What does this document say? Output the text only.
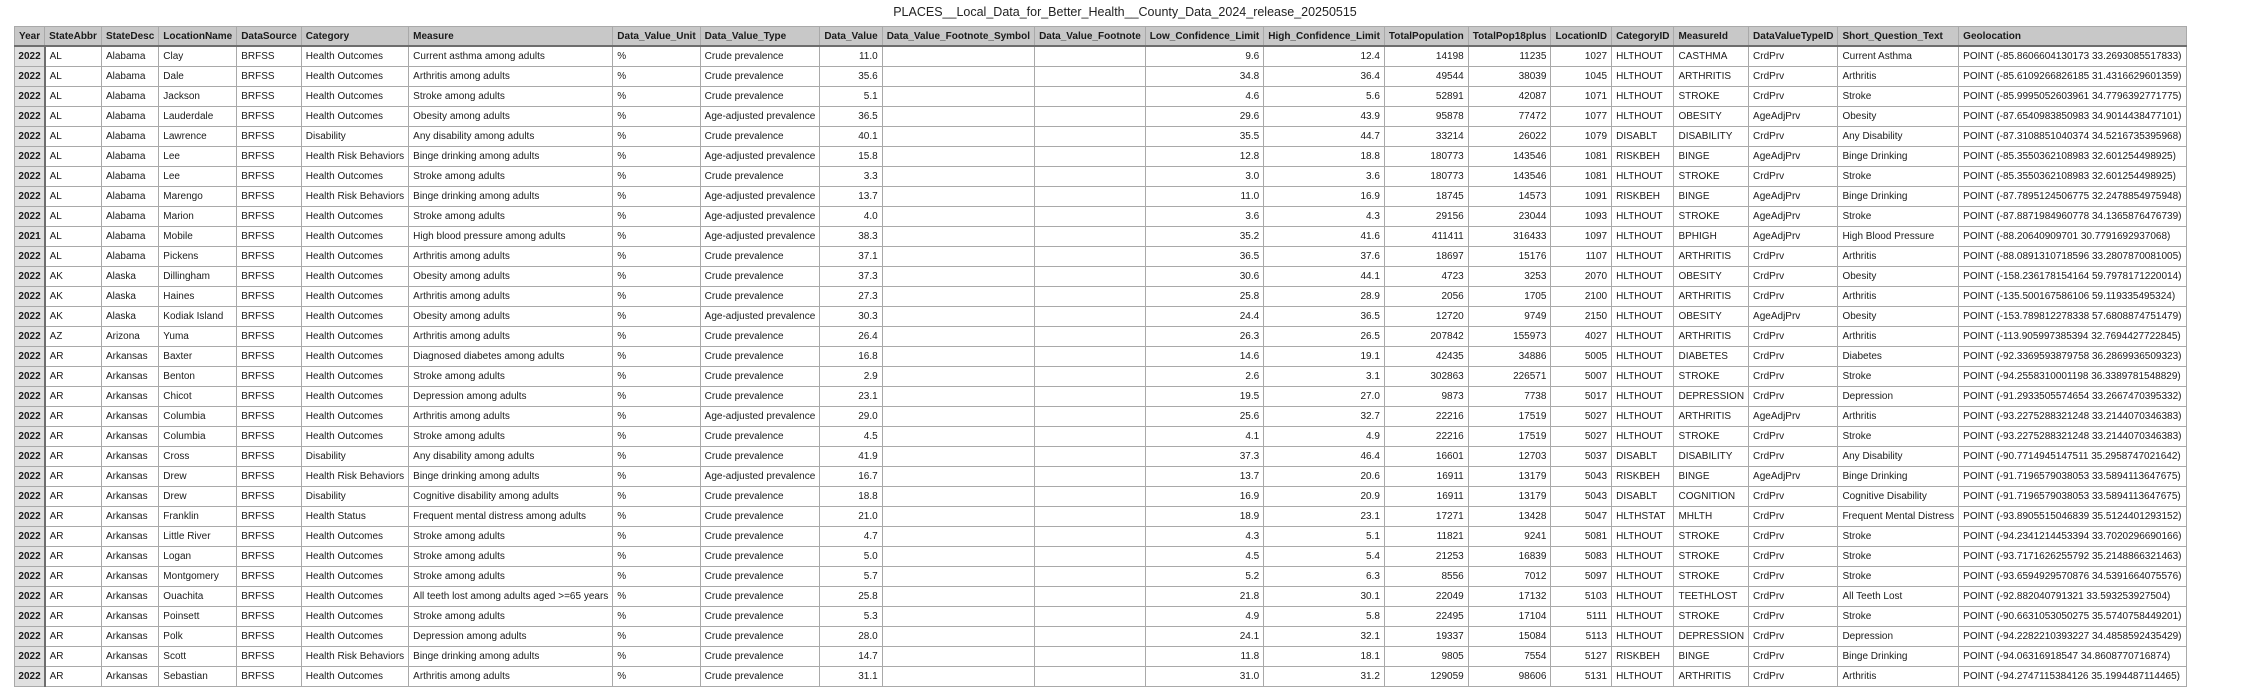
PLACES__Local_Data_for_Better_Health__County_Data_2024_release_20250515
Year	StateAbbr	StateDesc	LocationName	DataSource	Category	Measure	Data_Value_Unit	Data_Value_Type	Data_Value	Data_Value_Footnote_Symbol	Data_Value_Footnote	Low_Confidence_Limit	High_Confidence_Limit	TotalPopulation	TotalPop18plus	LocationID	CategoryID	MeasureId	DataValueTypeID	Short_Question_Text	Geolocation
2022	AL	Alabama	Clay	BRFSS	Health Outcomes	Current asthma among adults	%	Crude prevalence	11.0			9.6	12.4	14198	11235	1027	HLTHOUT	CASTHMA	CrdPrv	Current Asthma	POINT (-85.8606604130173 33.2693085517833)
2022	AL	Alabama	Dale	BRFSS	Health Outcomes	Arthritis among adults	%	Crude prevalence	35.6			34.8	36.4	49544	38039	1045	HLTHOUT	ARTHRITIS	CrdPrv	Arthritis	POINT (-85.6109266826185 31.4316629601359)
2022	AL	Alabama	Jackson	BRFSS	Health Outcomes	Stroke among adults	%	Crude prevalence	5.1			4.6	5.6	52891	42087	1071	HLTHOUT	STROKE	CrdPrv	Stroke	POINT (-85.9995052603961 34.7796392771775)
2022	AL	Alabama	Lauderdale	BRFSS	Health Outcomes	Obesity among adults	%	Age-adjusted prevalence	36.5			29.6	43.9	95878	77472	1077	HLTHOUT	OBESITY	AgeAdjPrv	Obesity	POINT (-87.6540983850983 34.9014438477101)
2022	AL	Alabama	Lawrence	BRFSS	Disability	Any disability among adults	%	Crude prevalence	40.1			35.5	44.7	33214	26022	1079	DISABLT	DISABILITY	CrdPrv	Any Disability	POINT (-87.3108851040374 34.5216735395968)
2022	AL	Alabama	Lee	BRFSS	Health Risk Behaviors	Binge drinking among adults	%	Age-adjusted prevalence	15.8			12.8	18.8	180773	143546	1081	RISKBEH	BINGE	AgeAdjPrv	Binge Drinking	POINT (-85.3550362108983 32.601254498925)
2022	AL	Alabama	Lee	BRFSS	Health Outcomes	Stroke among adults	%	Crude prevalence	3.3			3.0	3.6	180773	143546	1081	HLTHOUT	STROKE	CrdPrv	Stroke	POINT (-85.3550362108983 32.601254498925)
2022	AL	Alabama	Marengo	BRFSS	Health Risk Behaviors	Binge drinking among adults	%	Age-adjusted prevalence	13.7			11.0	16.9	18745	14573	1091	RISKBEH	BINGE	AgeAdjPrv	Binge Drinking	POINT (-87.7895124506775 32.2478854975948)
2022	AL	Alabama	Marion	BRFSS	Health Outcomes	Stroke among adults	%	Age-adjusted prevalence	4.0			3.6	4.3	29156	23044	1093	HLTHOUT	STROKE	AgeAdjPrv	Stroke	POINT (-87.8871984960778 34.1365876476739)
2021	AL	Alabama	Mobile	BRFSS	Health Outcomes	High blood pressure among adults	%	Age-adjusted prevalence	38.3			35.2	41.6	411411	316433	1097	HLTHOUT	BPHIGH	AgeAdjPrv	High Blood Pressure	POINT (-88.20640909701 30.7791692937068)
2022	AL	Alabama	Pickens	BRFSS	Health Outcomes	Arthritis among adults	%	Crude prevalence	37.1			36.5	37.6	18697	15176	1107	HLTHOUT	ARTHRITIS	CrdPrv	Arthritis	POINT (-88.0891310718596 33.2807870081005)
2022	AK	Alaska	Dillingham	BRFSS	Health Outcomes	Obesity among adults	%	Crude prevalence	37.3			30.6	44.1	4723	3253	2070	HLTHOUT	OBESITY	CrdPrv	Obesity	POINT (-158.236178154164 59.7978171220014)
2022	AK	Alaska	Haines	BRFSS	Health Outcomes	Arthritis among adults	%	Crude prevalence	27.3			25.8	28.9	2056	1705	2100	HLTHOUT	ARTHRITIS	CrdPrv	Arthritis	POINT (-135.500167586106 59.119335495324)
2022	AK	Alaska	Kodiak Island	BRFSS	Health Outcomes	Obesity among adults	%	Age-adjusted prevalence	30.3			24.4	36.5	12720	9749	2150	HLTHOUT	OBESITY	AgeAdjPrv	Obesity	POINT (-153.789812278338 57.6808874751479)
2022	AZ	Arizona	Yuma	BRFSS	Health Outcomes	Arthritis among adults	%	Crude prevalence	26.4			26.3	26.5	207842	155973	4027	HLTHOUT	ARTHRITIS	CrdPrv	Arthritis	POINT (-113.905997385394 32.7694427722845)
2022	AR	Arkansas	Baxter	BRFSS	Health Outcomes	Diagnosed diabetes among adults	%	Crude prevalence	16.8			14.6	19.1	42435	34886	5005	HLTHOUT	DIABETES	CrdPrv	Diabetes	POINT (-92.3369593879758 36.2869936509323)
2022	AR	Arkansas	Benton	BRFSS	Health Outcomes	Stroke among adults	%	Crude prevalence	2.9			2.6	3.1	302863	226571	5007	HLTHOUT	STROKE	CrdPrv	Stroke	POINT (-94.2558310001198 36.3389781548829)
2022	AR	Arkansas	Chicot	BRFSS	Health Outcomes	Depression among adults	%	Crude prevalence	23.1			19.5	27.0	9873	7738	5017	HLTHOUT	DEPRESSION	CrdPrv	Depression	POINT (-91.2933505574654 33.2667470395332)
2022	AR	Arkansas	Columbia	BRFSS	Health Outcomes	Arthritis among adults	%	Age-adjusted prevalence	29.0			25.6	32.7	22216	17519	5027	HLTHOUT	ARTHRITIS	AgeAdjPrv	Arthritis	POINT (-93.2275288321248 33.2144070346383)
2022	AR	Arkansas	Columbia	BRFSS	Health Outcomes	Stroke among adults	%	Crude prevalence	4.5			4.1	4.9	22216	17519	5027	HLTHOUT	STROKE	CrdPrv	Stroke	POINT (-93.2275288321248 33.2144070346383)
2022	AR	Arkansas	Cross	BRFSS	Disability	Any disability among adults	%	Crude prevalence	41.9			37.3	46.4	16601	12703	5037	DISABLT	DISABILITY	CrdPrv	Any Disability	POINT (-90.7714945147511 35.2958747021642)
2022	AR	Arkansas	Drew	BRFSS	Health Risk Behaviors	Binge drinking among adults	%	Age-adjusted prevalence	16.7			13.7	20.6	16911	13179	5043	RISKBEH	BINGE	AgeAdjPrv	Binge Drinking	POINT (-91.7196579038053 33.5894113647675)
2022	AR	Arkansas	Drew	BRFSS	Disability	Cognitive disability among adults	%	Crude prevalence	18.8			16.9	20.9	16911	13179	5043	DISABLT	COGNITION	CrdPrv	Cognitive Disability	POINT (-91.7196579038053 33.5894113647675)
2022	AR	Arkansas	Franklin	BRFSS	Health Status	Frequent mental distress among adults	%	Crude prevalence	21.0			18.9	23.1	17271	13428	5047	HLTHSTAT	MHLTH	CrdPrv	Frequent Mental Distress	POINT (-93.8905515046839 35.5124401293152)
2022	AR	Arkansas	Little River	BRFSS	Health Outcomes	Stroke among adults	%	Crude prevalence	4.7			4.3	5.1	11821	9241	5081	HLTHOUT	STROKE	CrdPrv	Stroke	POINT (-94.2341214453394 33.7020296690166)
2022	AR	Arkansas	Logan	BRFSS	Health Outcomes	Stroke among adults	%	Crude prevalence	5.0			4.5	5.4	21253	16839	5083	HLTHOUT	STROKE	CrdPrv	Stroke	POINT (-93.7171626255792 35.2148866321463)
2022	AR	Arkansas	Montgomery	BRFSS	Health Outcomes	Stroke among adults	%	Crude prevalence	5.7			5.2	6.3	8556	7012	5097	HLTHOUT	STROKE	CrdPrv	Stroke	POINT (-93.6594929570876 34.5391664075576)
2022	AR	Arkansas	Ouachita	BRFSS	Health Outcomes	All teeth lost among adults aged >=65 years	%	Crude prevalence	25.8			21.8	30.1	22049	17132	5103	HLTHOUT	TEETHLOST	CrdPrv	All Teeth Lost	POINT (-92.882040791321 33.593253927504)
2022	AR	Arkansas	Poinsett	BRFSS	Health Outcomes	Stroke among adults	%	Crude prevalence	5.3			4.9	5.8	22495	17104	5111	HLTHOUT	STROKE	CrdPrv	Stroke	POINT (-90.6631053050275 35.5740758449201)
2022	AR	Arkansas	Polk	BRFSS	Health Outcomes	Depression among adults	%	Crude prevalence	28.0			24.1	32.1	19337	15084	5113	HLTHOUT	DEPRESSION	CrdPrv	Depression	POINT (-94.2282210393227 34.4858592435429)
2022	AR	Arkansas	Scott	BRFSS	Health Risk Behaviors	Binge drinking among adults	%	Crude prevalence	14.7			11.8	18.1	9805	7554	5127	RISKBEH	BINGE	CrdPrv	Binge Drinking	POINT (-94.06316918547 34.8608770716874)
2022	AR	Arkansas	Sebastian	BRFSS	Health Outcomes	Arthritis among adults	%	Crude prevalence	31.1			31.0	31.2	129059	98606	5131	HLTHOUT	ARTHRITIS	CrdPrv	Arthritis	POINT (-94.2747115384126 35.1994487114465)
